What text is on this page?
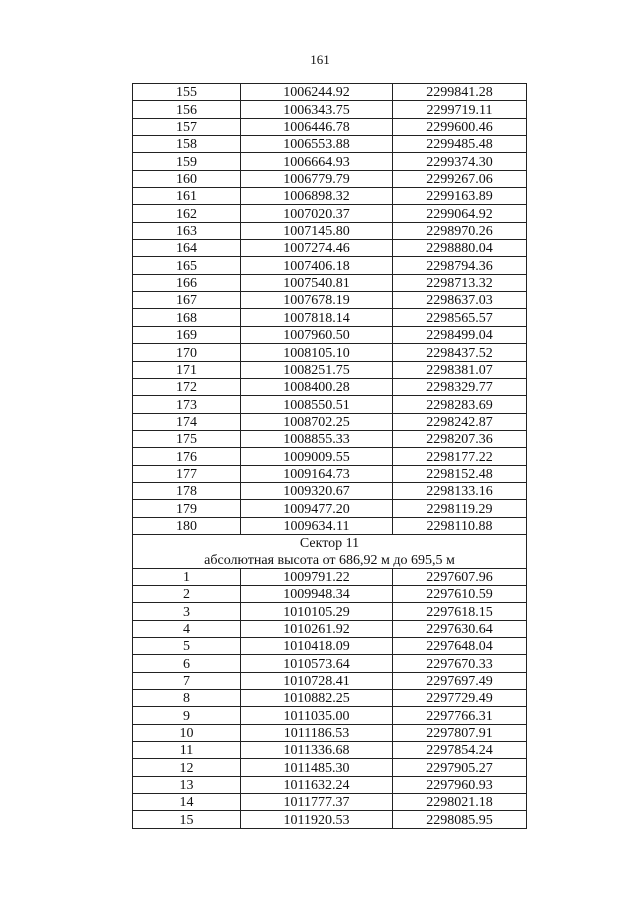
161
155	1006244.92	2299841.28
156	1006343.75	2299719.11
157	1006446.78	2299600.46
158	1006553.88	2299485.48
159	1006664.93	2299374.30
160	1006779.79	2299267.06
161	1006898.32	2299163.89
162	1007020.37	2299064.92
163	1007145.80	2298970.26
164	1007274.46	2298880.04
165	1007406.18	2298794.36
166	1007540.81	2298713.32
167	1007678.19	2298637.03
168	1007818.14	2298565.57
169	1007960.50	2298499.04
170	1008105.10	2298437.52
171	1008251.75	2298381.07
172	1008400.28	2298329.77
173	1008550.51	2298283.69
174	1008702.25	2298242.87
175	1008855.33	2298207.36
176	1009009.55	2298177.22
177	1009164.73	2298152.48
178	1009320.67	2298133.16
179	1009477.20	2298119.29
180	1009634.11	2298110.88
Сектор 11		
абсолютная высота от 686,92 м до 695,5 м		
1	1009791.22	2297607.96
2	1009948.34	2297610.59
3	1010105.29	2297618.15
4	1010261.92	2297630.64
5	1010418.09	2297648.04
6	1010573.64	2297670.33
7	1010728.41	2297697.49
8	1010882.25	2297729.49
9	1011035.00	2297766.31
10	1011186.53	2297807.91
11	1011336.68	2297854.24
12	1011485.30	2297905.27
13	1011632.24	2297960.93
14	1011777.37	2298021.18
15	1011920.53	2298085.95
